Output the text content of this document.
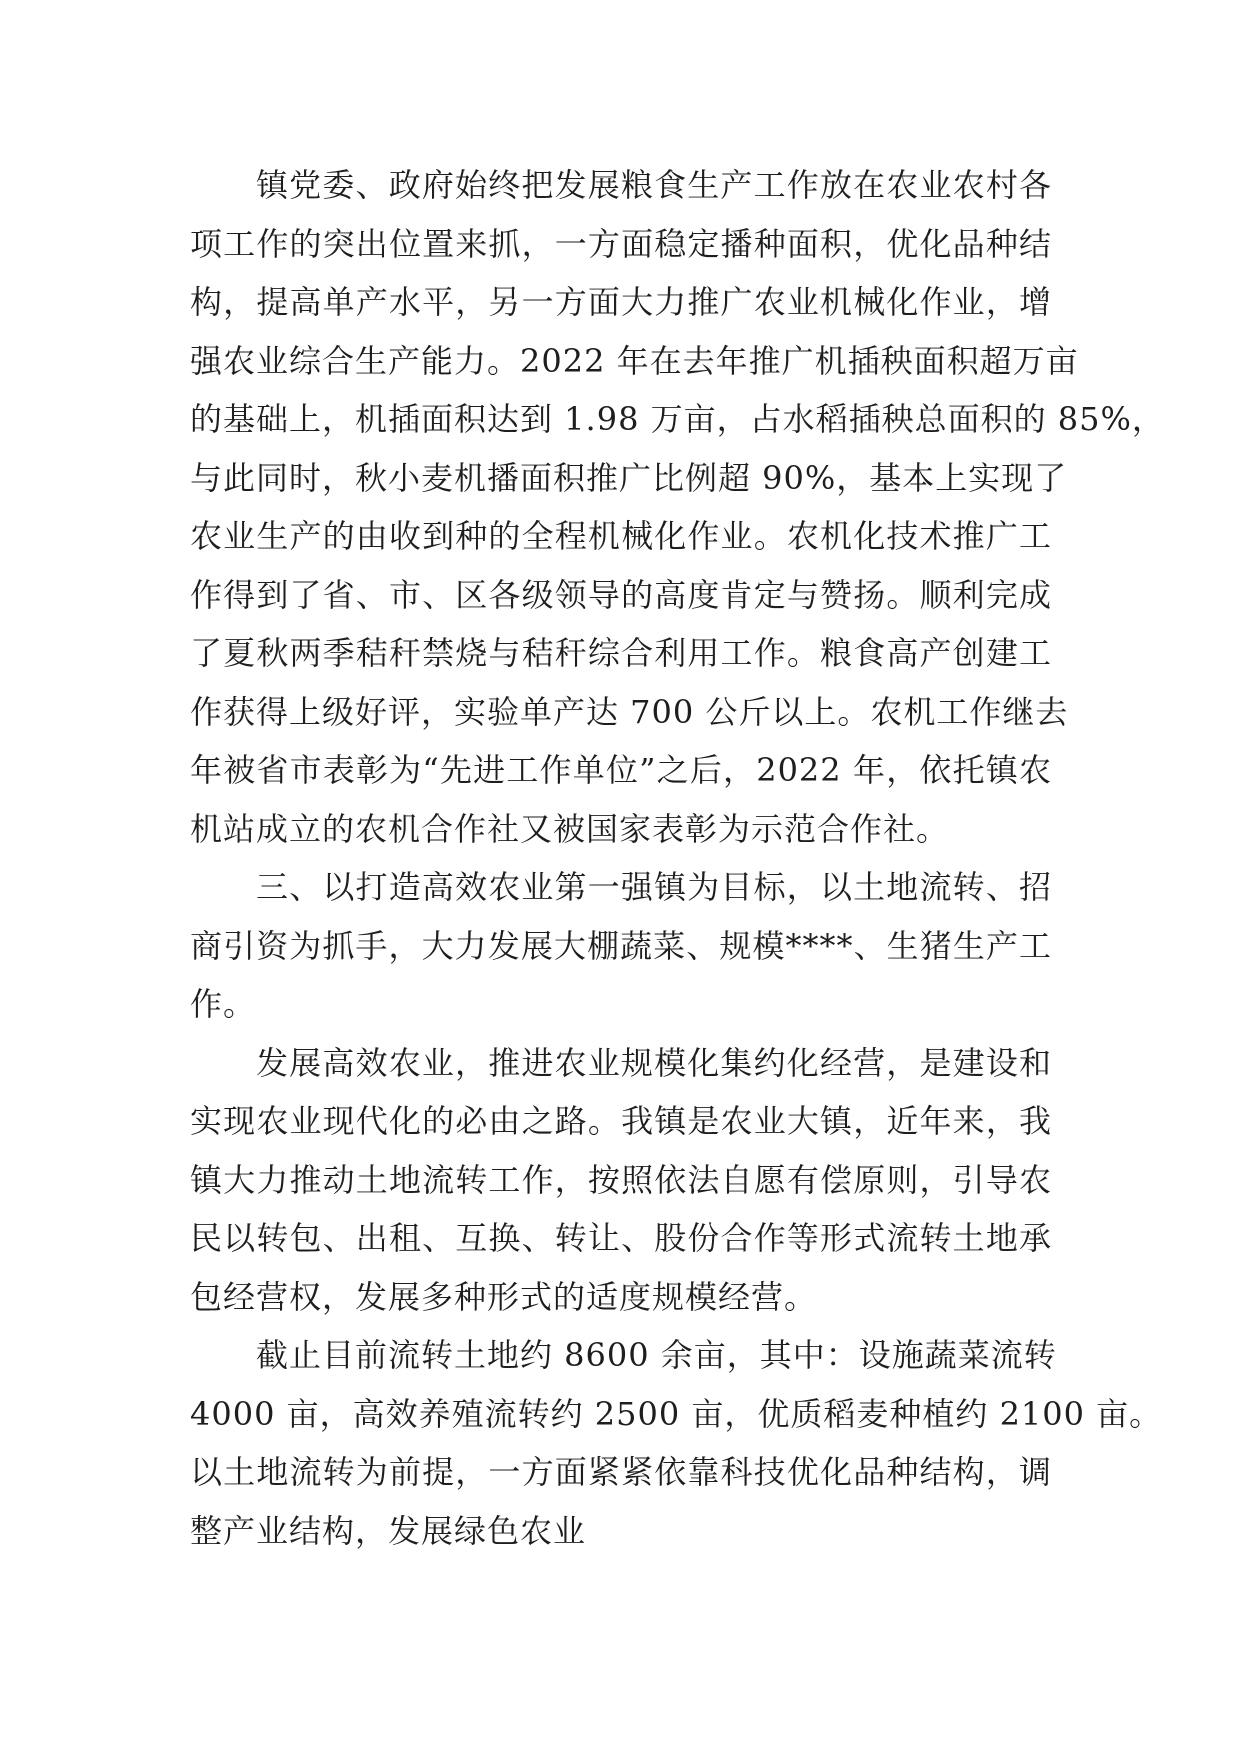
镇党委、政府始终把发展粮食生产工作放在农业农村各
项工作的突出位置来抓，一方面稳定播种面积，优化品种结
构，提高单产水平，另一方面大力推广农业机械化作业，增
强农业综合生产能力。2022 年在去年推广机插秧面积超万亩
的基础上，机插面积达到 1.98 万亩，占水稻插秧总面积的 85%，
与此同时，秋小麦机播面积推广比例超 90%，基本上实现了
农业生产的由收到种的全程机械化作业。农机化技术推广工
作得到了省、市、区各级领导的高度肯定与赞扬。顺利完成
了夏秋两季秸秆禁烧与秸秆综合利用工作。粮食高产创建工
作获得上级好评，实验单产达 700 公斤以上。农机工作继去
年被省市表彰为“先进工作单位”之后，2022 年，依托镇农
机站成立的农机合作社又被国家表彰为示范合作社。

三、以打造高效农业第一强镇为目标，以土地流转、招
商引资为抓手，大力发展大棚蔬菜、规模****、生猪生产工
作。

发展高效农业，推进农业规模化集约化经营，是建设和
实现农业现代化的必由之路。我镇是农业大镇，近年来，我
镇大力推动土地流转工作，按照依法自愿有偿原则，引导农
民以转包、出租、互换、转让、股份合作等形式流转土地承
包经营权，发展多种形式的适度规模经营。

截止目前流转土地约 8600 余亩，其中：设施蔬菜流转
4000 亩，高效养殖流转约 2500 亩，优质稻麦种植约 2100 亩。
以土地流转为前提，一方面紧紧依靠科技优化品种结构，调
整产业结构，发展绿色农业
